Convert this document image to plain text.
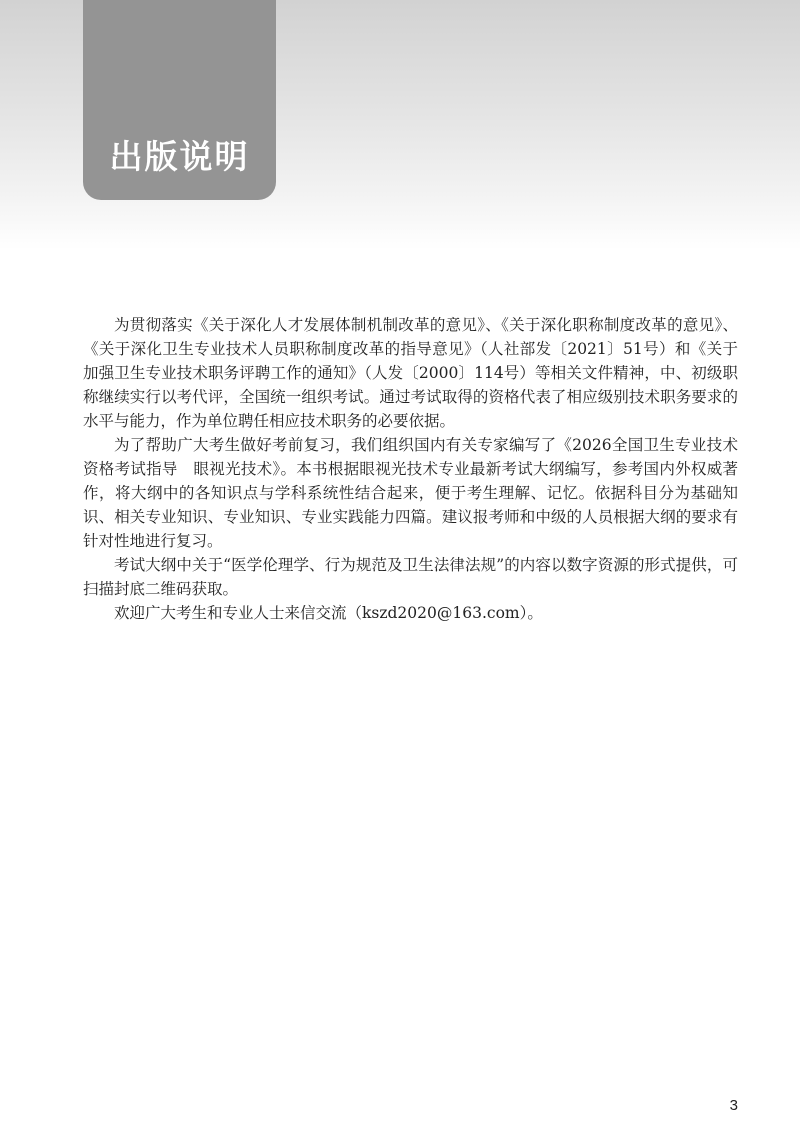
出版说明

为贯彻落实《关于深化人才发展体制机制改革的意见》、《关于深化职称制度改革的意见》、《关于深化卫生专业技术人员职称制度改革的指导意见》（人社部发〔2021〕51号）和《关于加强卫生专业技术职务评聘工作的通知》（人发〔2000〕114号）等相关文件精神，中、初级职称继续实行以考代评，全国统一组织考试。通过考试取得的资格代表了相应级别技术职务要求的水平与能力，作为单位聘任相应技术职务的必要依据。

为了帮助广大考生做好考前复习，我们组织国内有关专家编写了《2026全国卫生专业技术资格考试指导　眼视光技术》。本书根据眼视光技术专业最新考试大纲编写，参考国内外权威著作，将大纲中的各知识点与学科系统性结合起来，便于考生理解、记忆。依据科目分为基础知识、相关专业知识、专业知识、专业实践能力四篇。建议报考师和中级的人员根据大纲的要求有针对性地进行复习。

考试大纲中关于“医学伦理学、行为规范及卫生法律法规”的内容以数字资源的形式提供，可扫描封底二维码获取。

欢迎广大考生和专业人士来信交流（kszd2020@163.com）。

3
